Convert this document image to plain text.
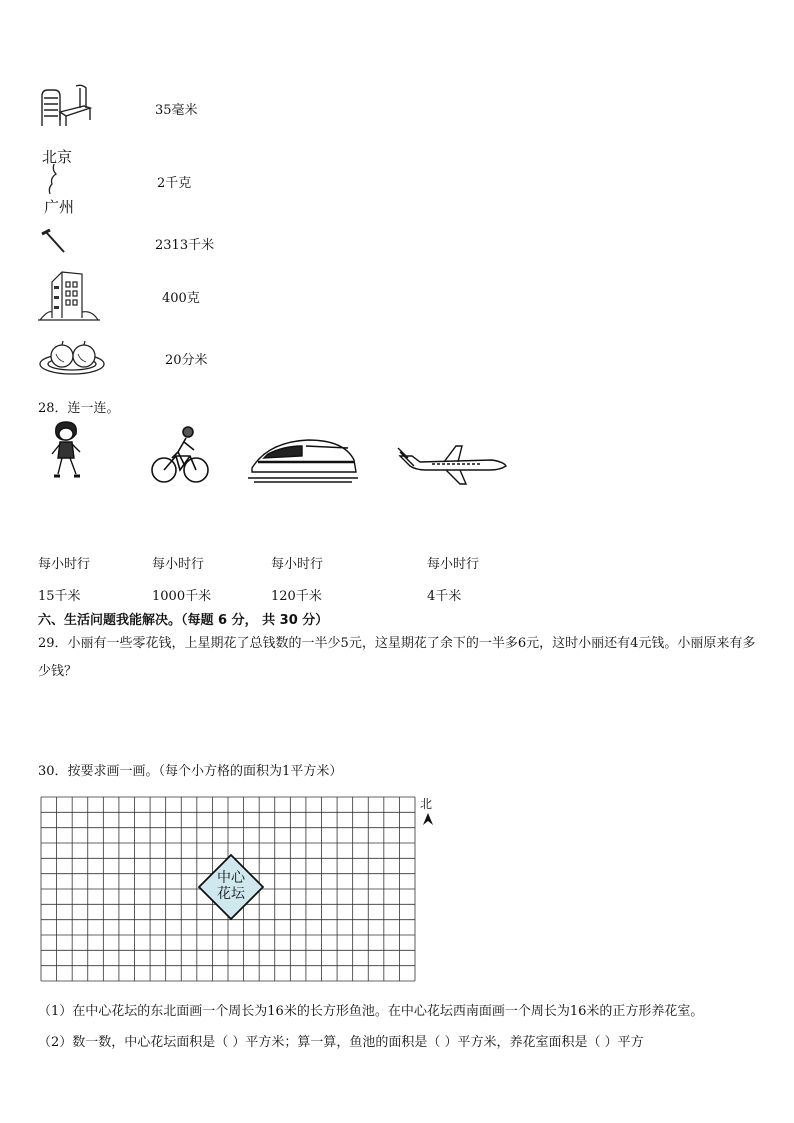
35毫米
北京
广州
2千克
2313千米
400克
20分米
28．连一连。
每小时行
15千米
每小时行
1000千米
每小时行
120千米
每小时行
4千米
六、生活问题我能解决。（每题 6 分， 共 30 分）
29．小丽有一些零花钱，上星期花了总钱数的一半少5元，这星期花了余下的一半多6元，这时小丽还有4元钱。小丽原来有多少钱？
30．按要求画一画。（每个小方格的面积为1平方米）
中心
花坛
北
（1）在中心花坛的东北面画一个周长为16米的长方形鱼池。在中心花坛西南面画一个周长为16米的正方形养花室。
（2）数一数，中心花坛面积是（ ）平方米；算一算，鱼池的面积是（ ）平方米，养花室面积是（ ）平方
